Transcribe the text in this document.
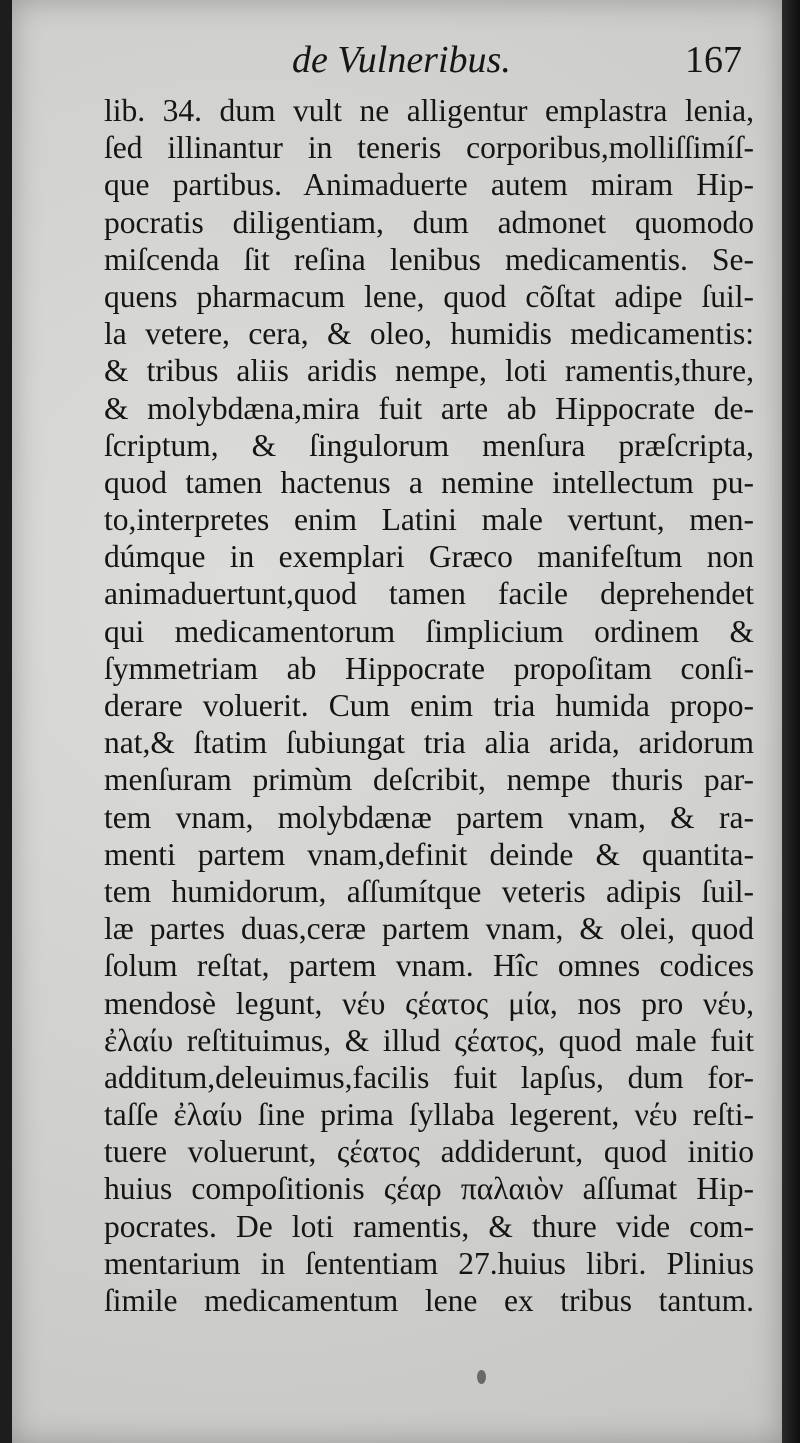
de Vulneribus.	167
lib. 34. dum vult ne alligentur emplastra lenia,
ſed illinantur in teneris corporibus,molliſſimíſ-
que partibus. Animaduerte autem miram Hip-
pocratis diligentiam, dum admonet quomodo
miſcenda ſit reſina lenibus medicamentis. Se-
quens pharmacum lene, quod cõſtat adipe ſuil-
la vetere, cera, & oleo, humidis medicamentis:
& tribus aliis aridis nempe, loti ramentis,thure,
& molybdæna,mira fuit arte ab Hippocrate de-
ſcriptum, & ſingulorum menſura præſcripta,
quod tamen hactenus a nemine intellectum pu-
to,interpretes enim Latini male vertunt, men-
dúmque in exemplari Græco manifeſtum non
animaduertunt,quod tamen facile deprehendet
qui medicamentorum ſimplicium ordinem &
ſymmetriam ab Hippocrate propoſitam conſi-
derare voluerit. Cum enim tria humida propo-
nat,& ſtatim ſubiungat tria alia arida, aridorum
menſuram primùm deſcribit, nempe thuris par-
tem vnam, molybdænæ partem vnam, & ra-
menti partem vnam,definit deinde & quantita-
tem humidorum, aſſumítque veteris adipis ſuil-
læ partes duas,ceræ partem vnam, & olei, quod
ſolum reſtat, partem vnam. Hîc omnes codices
mendosè legunt, νέυ ςέατος μία, nos pro νέυ,
ἐλαίυ reſtituimus, & illud ςέατος, quod male fuit
additum,deleuimus,facilis fuit lapſus, dum for-
taſſe ἐλαίυ ſine prima ſyllaba legerent, νέυ reſti-
tuere voluerunt, ςέατος addiderunt, quod initio
huius compoſitionis ςέαρ παλαιὸν aſſumat Hip-
pocrates. De loti ramentis, & thure vide com-
mentarium in ſententiam 27.huius libri. Plinius
ſimile medicamentum lene ex tribus tantum.
